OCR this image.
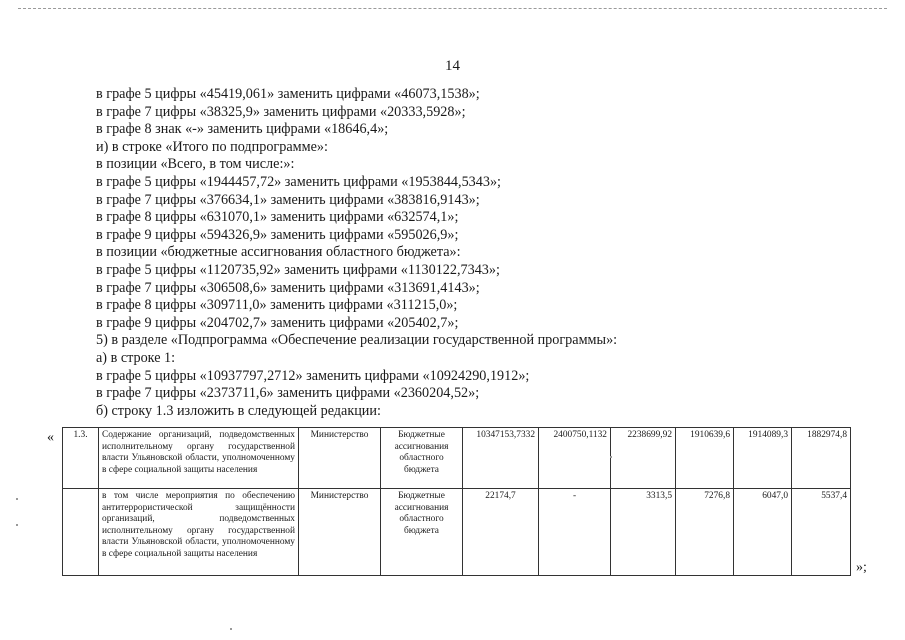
14
в графе 5 цифры «45419,061» заменить цифрами «46073,1538»;
в графе 7 цифры «38325,9» заменить цифрами «20333,5928»;
в графе 8 знак «-» заменить цифрами «18646,4»;
и) в строке «Итого по подпрограмме»:
в позиции «Всего, в том числе:»:
в графе 5 цифры «1944457,72» заменить цифрами «1953844,5343»;
в графе 7 цифры «376634,1» заменить цифрами «383816,9143»;
в графе 8 цифры «631070,1» заменить цифрами «632574,1»;
в графе 9 цифры «594326,9» заменить цифрами «595026,9»;
в позиции «бюджетные ассигнования областного бюджета»:
в графе 5 цифры «1120735,92» заменить цифрами «1130122,7343»;
в графе 7 цифры «306508,6» заменить цифрами «313691,4143»;
в графе 8 цифры «309711,0» заменить цифрами «311215,0»;
в графе 9 цифры «204702,7» заменить цифрами «205402,7»;
5) в разделе «Подпрограмма «Обеспечение реализации государственной программы»:
а) в строке 1:
в графе 5 цифры «10937797,2712» заменить цифрами «10924290,1912»;
в графе 7 цифры «2373711,6» заменить цифрами «2360204,52»;
б) строку 1.3 изложить в следующей редакции:
« 1.3.	Содержание организаций, подведомственных исполнительному органу государственной власти Ульяновской области, уполномоченному в сфере социальной защиты населения	Министерство	Бюджетные ассигнования областного бюджета	10347153,7332	2400750,1132	2238699,92	1910639,6	1914089,3	1882974,8
	в том числе мероприятия по обеспечению антитеррористической защищённости организаций, подведомственных исполнительному органу государственной власти Ульяновской области, уполномоченному в сфере социальной защиты населения	Министерство	Бюджетные ассигнования областного бюджета	22174,7	-	3313,5	7276,8	6047,0	5537,4
»;
